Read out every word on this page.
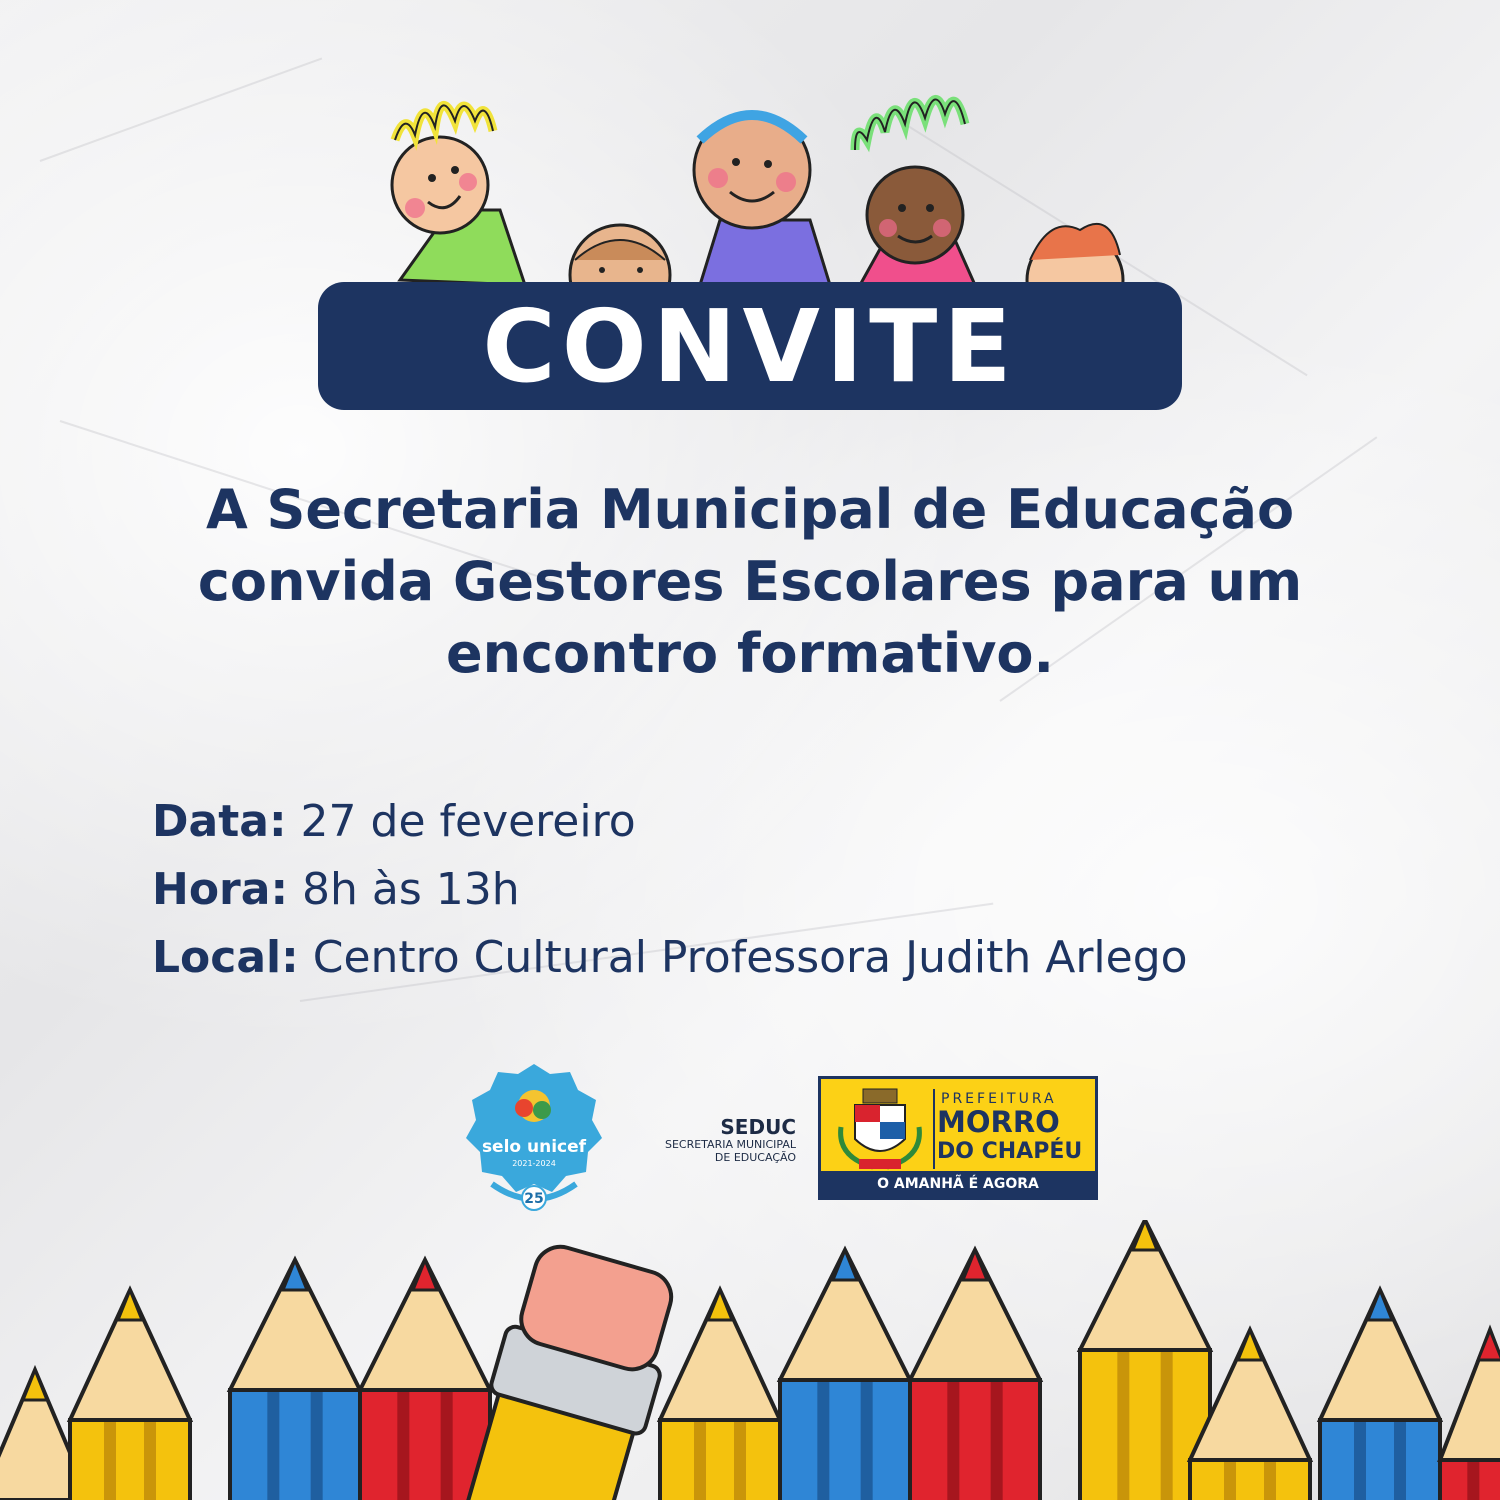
CONVITE
A Secretaria Municipal de Educação
convida Gestores Escolares para um
encontro formativo.
Data: 27 de fevereiro
Hora: 8h às 13h
Local: Centro Cultural Professora Judith Arlego
selo unicef
2021-2024
25
SEDUC
SECRETARIA MUNICIPAL
DE EDUCAÇÃO
PREFEITURA
MORRO
DO CHAPÉU
O AMANHÃ É AGORA
